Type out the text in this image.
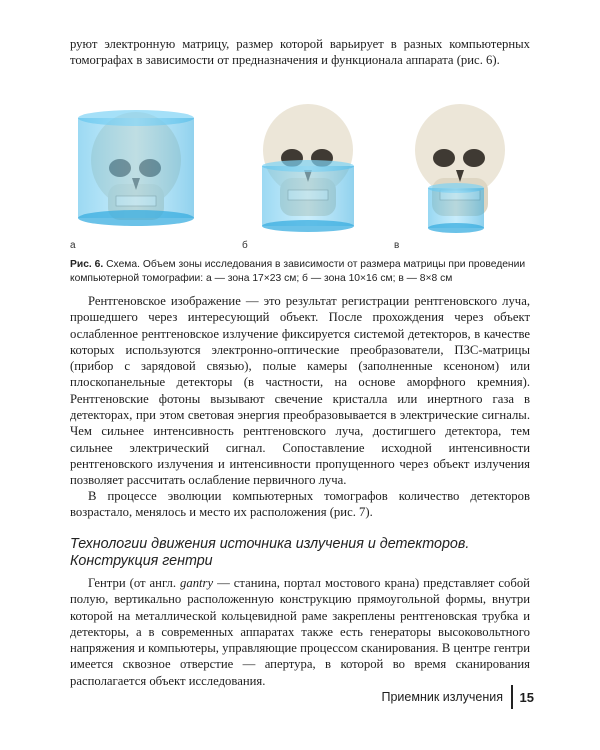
руют электронную матрицу, размер которой варьирует в разных компьютерных томографах в зависимости от предназначения и функционала аппарата (рис. 6).

а	б	в
Рис. 6. Схема. Объем зоны исследования в зависимости от размера матрицы при проведении компьютерной томографии: а — зона 17×23 см; б — зона 10×16 см; в — 8×8 см

Рентгеновское изображение — это результат регистрации рентгеновского луча, прошедшего через интересующий объект. После прохождения через объект ослабленное рентгеновское излучение фиксируется системой детекторов, в качестве которых используются электронно-оптические преобразователи, ПЗС-матрицы (прибор с зарядовой связью), полые камеры (заполненные ксеноном) или плоскопанельные детекторы (в частности, на основе аморфного кремния). Рентгеновские фотоны вызывают свечение кристалла или инертного газа в детекторах, при этом световая энергия преобразовывается в электрические сигналы. Чем сильнее интенсивность рентгеновского луча, достигшего детектора, тем сильнее электрический сигнал. Сопоставление исходной интенсивности рентгеновского излучения и интенсивности пропущенного через объект излучения позволяет рассчитать ослабление первичного луча.

В процессе эволюции компьютерных томографов количество детекторов возрастало, менялось и место их расположения (рис. 7).

Технологии движения источника излучения и детекторов. Конструкция гентри

Гентри (от англ. gantry — станина, портал мостового крана) представляет собой полую, вертикально расположенную конструкцию прямоугольной формы, внутри которой на металлической кольцевидной раме закреплены рентгеновская трубка и детекторы, а в современных аппаратах также есть генераторы высоковольтного напряжения и компьютеры, управляющие процессом сканирования. В центре гентри имеется сквозное отверстие — апертура, в которой во время сканирования располагается объект исследования.

Приемник излучения 15
